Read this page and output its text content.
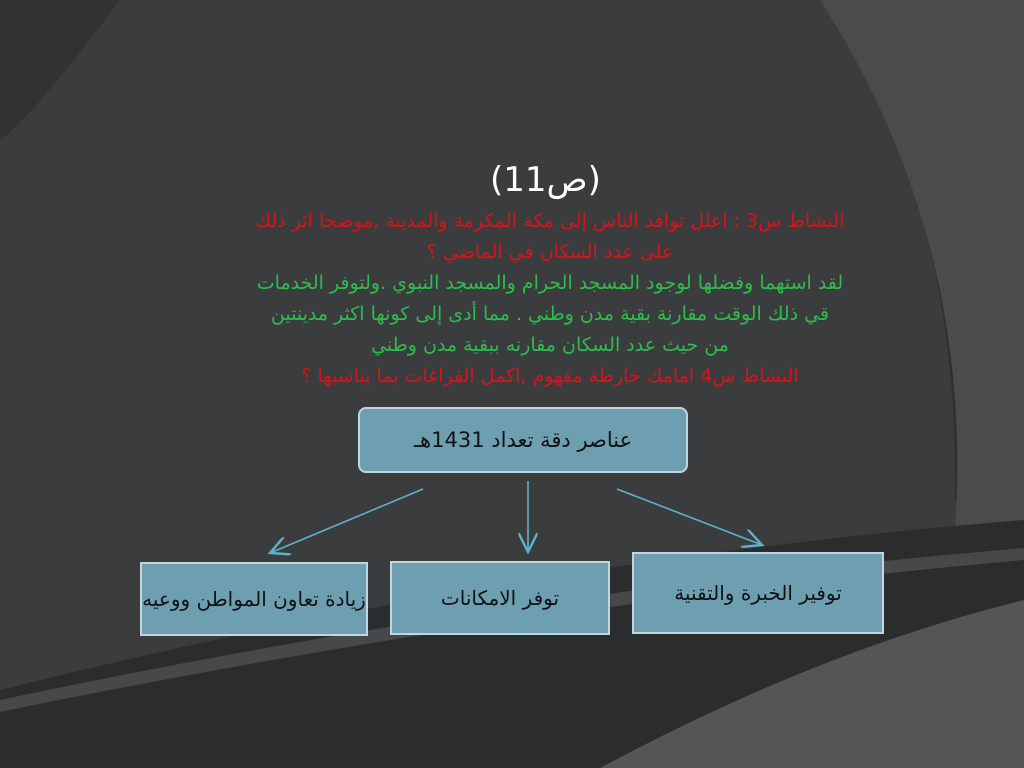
(ص11)
النشاط س3 : اعلل توافد الناس إلى مكة المكرمة والمدينة ,موضحا اثر ذلك
على عدد السكان في الماضي ؟
لقد استهما وفضلها لوجود المسجد الحرام والمسجد النبوي .ولتوفر الخدمات
قي ذلك الوقت مقارنة بقية مدن وطني . مما أدى إلى كونها اكثر مدينتين
من حيث عدد السكان مقارنه ببقية مدن وطني
النشاط س4 امامك خارطة مفهوم ,اكمل الفراغات بما يناسبها ؟
عناصر دقة تعداد 1431هـ
زيادة تعاون المواطن ووعيه	توفر الامكانات	توفير الخبرة والتقنية
